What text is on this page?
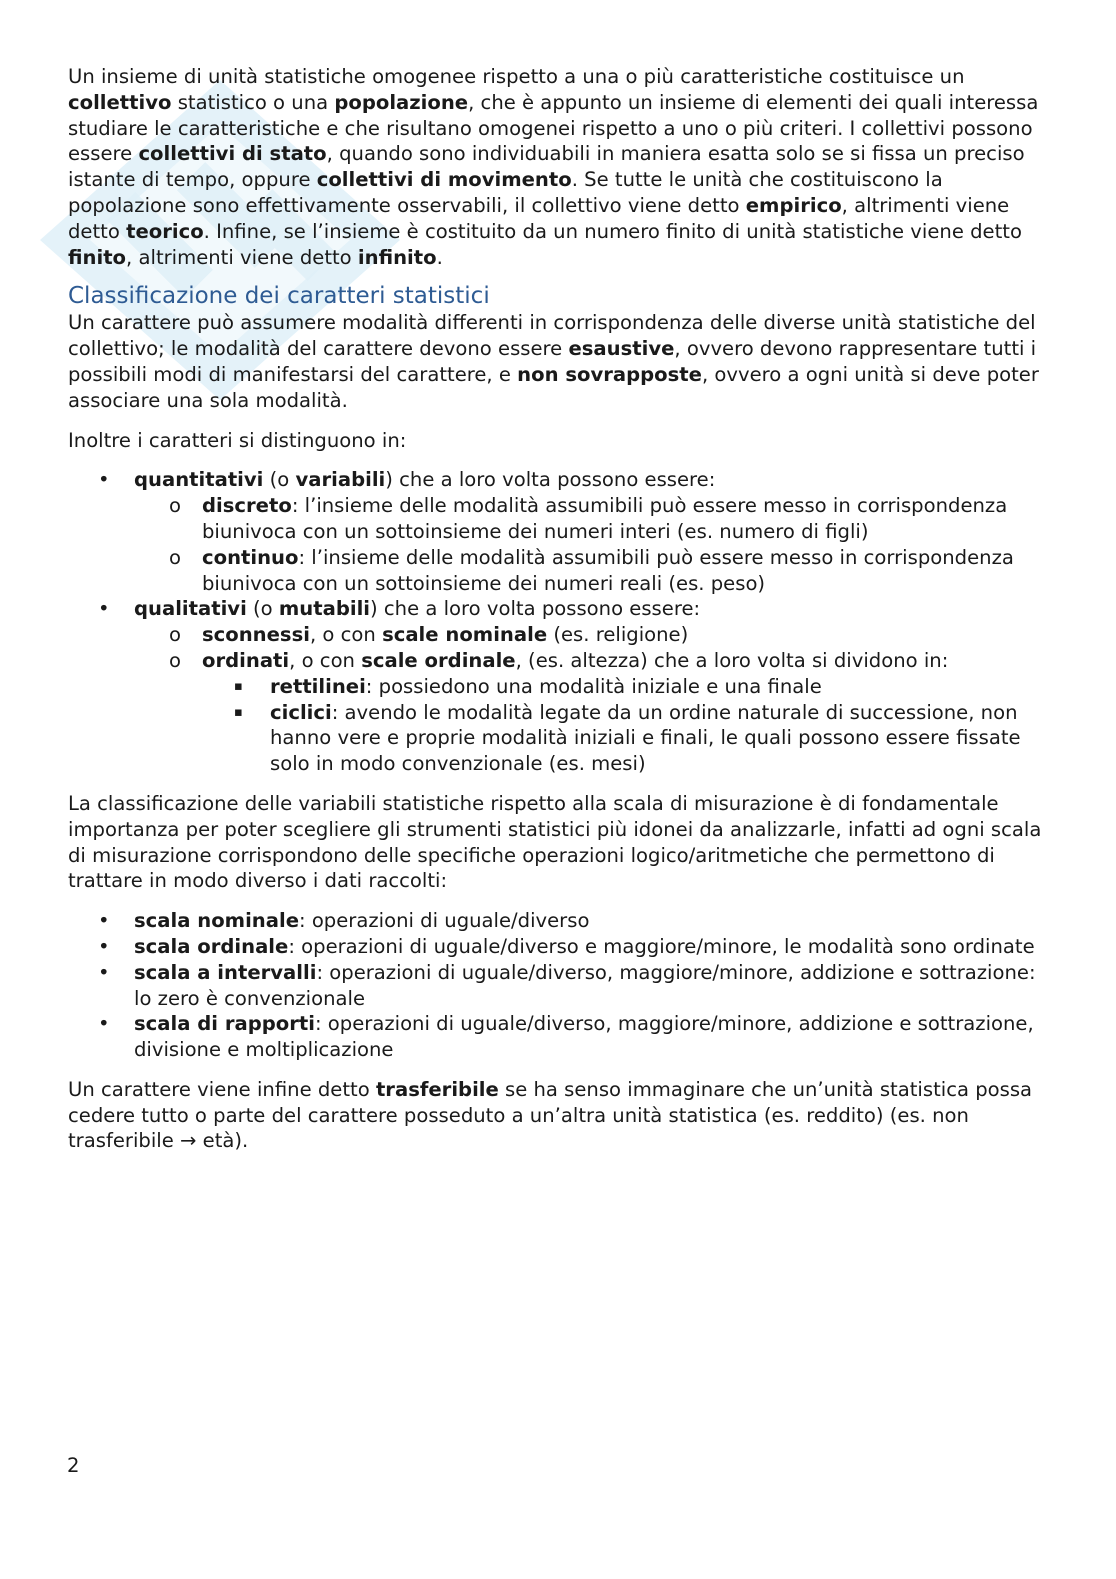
Un insieme di unità statistiche omogenee rispetto a una o più caratteristiche costituisce un collettivo statistico o una popolazione, che è appunto un insieme di elementi dei quali interessa studiare le caratteristiche e che risultano omogenei rispetto a uno o più criteri. I collettivi possono essere collettivi di stato, quando sono individuabili in maniera esatta solo se si fissa un preciso istante di tempo, oppure collettivi di movimento. Se tutte le unità che costituiscono la popolazione sono effettivamente osservabili, il collettivo viene detto empirico, altrimenti viene detto teorico. Infine, se l’insieme è costituito da un numero finito di unità statistiche viene detto finito, altrimenti viene detto infinito.

Classificazione dei caratteri statistici

Un carattere può assumere modalità differenti in corrispondenza delle diverse unità statistiche del collettivo; le modalità del carattere devono essere esaustive, ovvero devono rappresentare tutti i possibili modi di manifestarsi del carattere, e non sovrapposte, ovvero a ogni unità si deve poter associare una sola modalità.

Inoltre i caratteri si distinguono in:

• quantitativi (o variabili) che a loro volta possono essere:
o discreto: l’insieme delle modalità assumibili può essere messo in corrispondenza biunivoca con un sottoinsieme dei numeri interi (es. numero di figli)
o continuo: l’insieme delle modalità assumibili può essere messo in corrispondenza biunivoca con un sottoinsieme dei numeri reali (es. peso)
• qualitativi (o mutabili) che a loro volta possono essere:
o sconnessi, o con scale nominale (es. religione)
o ordinati, o con scale ordinale, (es. altezza) che a loro volta si dividono in:
▪ rettilinei: possiedono una modalità iniziale e una finale
▪ ciclici: avendo le modalità legate da un ordine naturale di successione, non hanno vere e proprie modalità iniziali e finali, le quali possono essere fissate solo in modo convenzionale (es. mesi)

La classificazione delle variabili statistiche rispetto alla scala di misurazione è di fondamentale importanza per poter scegliere gli strumenti statistici più idonei da analizzarle, infatti ad ogni scala di misurazione corrispondono delle specifiche operazioni logico/aritmetiche che permettono di trattare in modo diverso i dati raccolti:

• scala nominale: operazioni di uguale/diverso
• scala ordinale: operazioni di uguale/diverso e maggiore/minore, le modalità sono ordinate
• scala a intervalli: operazioni di uguale/diverso, maggiore/minore, addizione e sottrazione: lo zero è convenzionale
• scala di rapporti: operazioni di uguale/diverso, maggiore/minore, addizione e sottrazione, divisione e moltiplicazione

Un carattere viene infine detto trasferibile se ha senso immaginare che un’unità statistica possa cedere tutto o parte del carattere posseduto a un’altra unità statistica (es. reddito) (es. non trasferibile → età).

2
